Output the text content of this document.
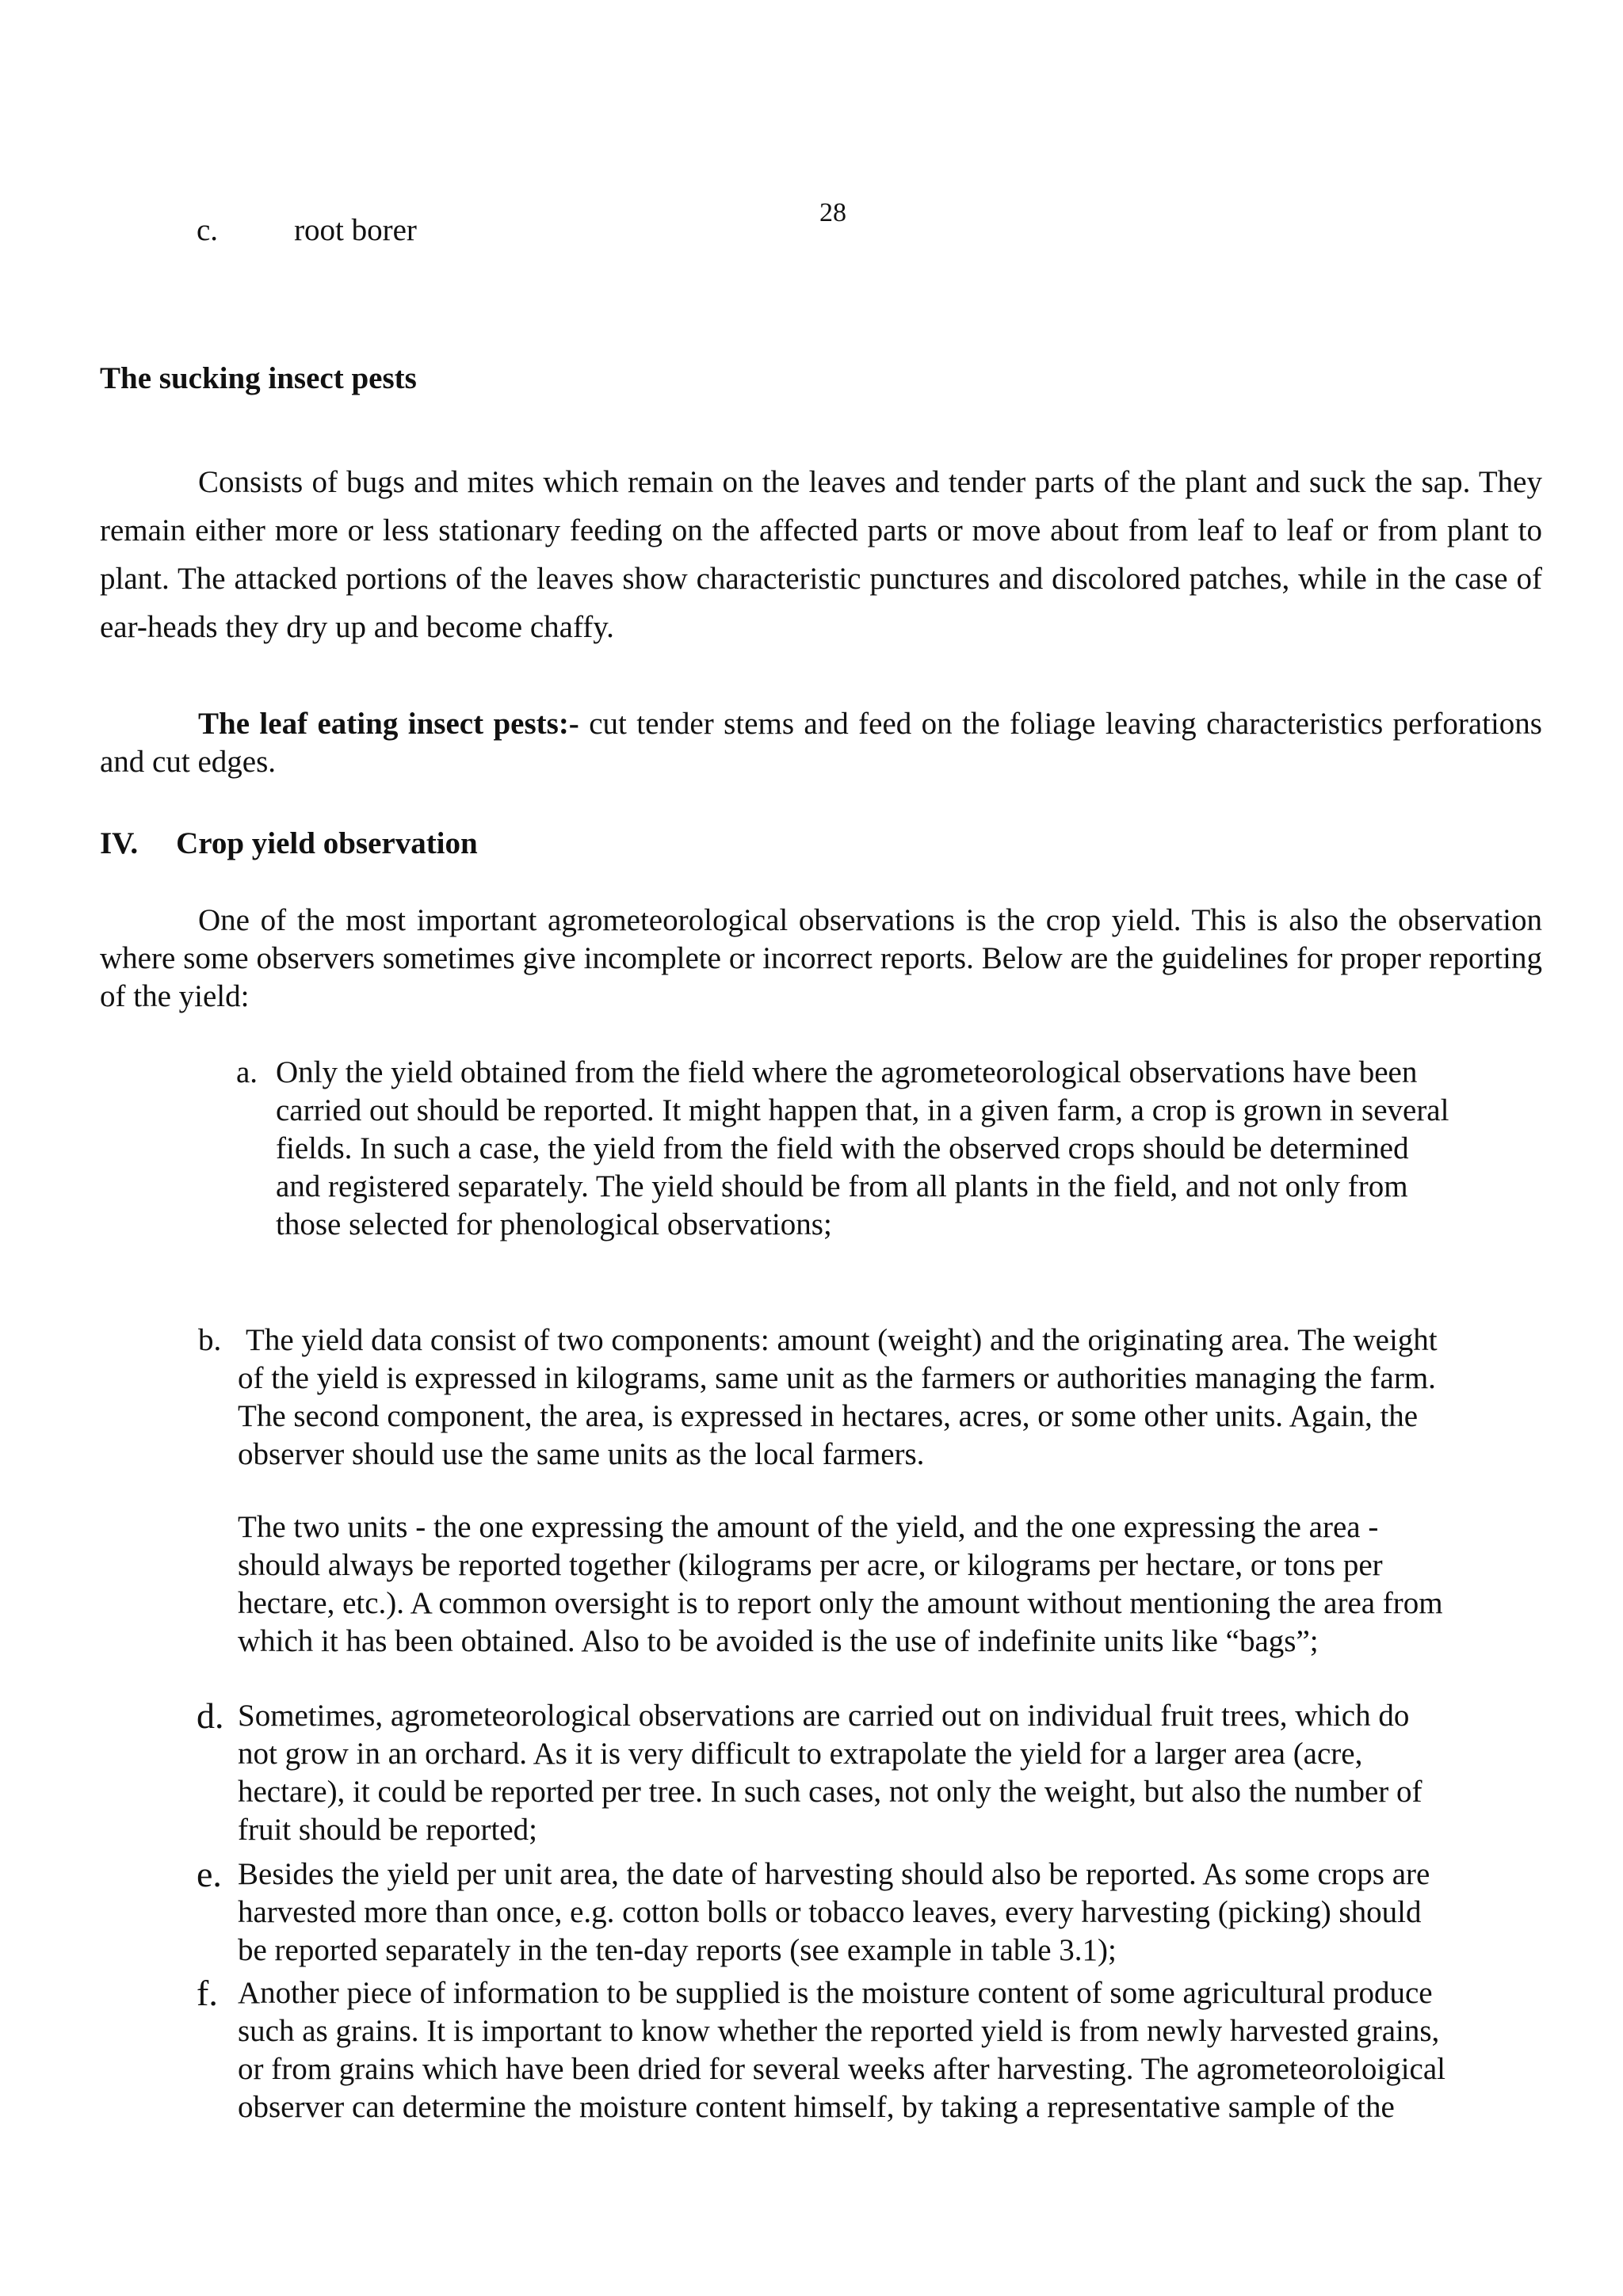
28
c. root borer
The sucking insect pests
Consists of bugs and mites which remain on the leaves and tender parts of the plant and suck the sap. They remain either more or less stationary feeding on the affected parts or move about from leaf to leaf or from plant to plant. The attacked portions of the leaves show characteristic punctures and discolored patches, while in the case of ear-heads they dry up and become chaffy.
The leaf eating insect pests:- cut tender stems and feed on the foliage leaving characteristics perforations and cut edges.
IV. Crop yield observation
One of the most important agrometeorological observations is the crop yield. This is also the observation where some observers sometimes give incomplete or incorrect reports. Below are the guidelines for proper reporting of the yield:
a. Only the yield obtained from the field where the agrometeorological observations have been
carried out should be reported. It might happen that, in a given farm, a crop is grown in several
fields. In such a case, the yield from the field with the observed crops should be determined
and registered separately. The yield should be from all plants in the field, and not only from
those selected for phenological observations;
b. The yield data consist of two components: amount (weight) and the originating area. The weight
of the yield is expressed in kilograms, same unit as the farmers or authorities managing the farm.
The second component, the area, is expressed in hectares, acres, or some other units. Again, the
observer should use the same units as the local farmers.
The two units - the one expressing the amount of the yield, and the one expressing the area -
should always be reported together (kilograms per acre, or kilograms per hectare, or tons per
hectare, etc.). A common oversight is to report only the amount without mentioning the area from
which it has been obtained. Also to be avoided is the use of indefinite units like “bags”;
d. Sometimes, agrometeorological observations are carried out on individual fruit trees, which do
not grow in an orchard. As it is very difficult to extrapolate the yield for a larger area (acre,
hectare), it could be reported per tree. In such cases, not only the weight, but also the number of
fruit should be reported;
e. Besides the yield per unit area, the date of harvesting should also be reported. As some crops are
harvested more than once, e.g. cotton bolls or tobacco leaves, every harvesting (picking) should
be reported separately in the ten-day reports (see example in table 3.1);
f. Another piece of information to be supplied is the moisture content of some agricultural produce
such as grains. It is important to know whether the reported yield is from newly harvested grains,
or from grains which have been dried for several weeks after harvesting. The agrometeoroloigical
observer can determine the moisture content himself, by taking a representative sample of the
